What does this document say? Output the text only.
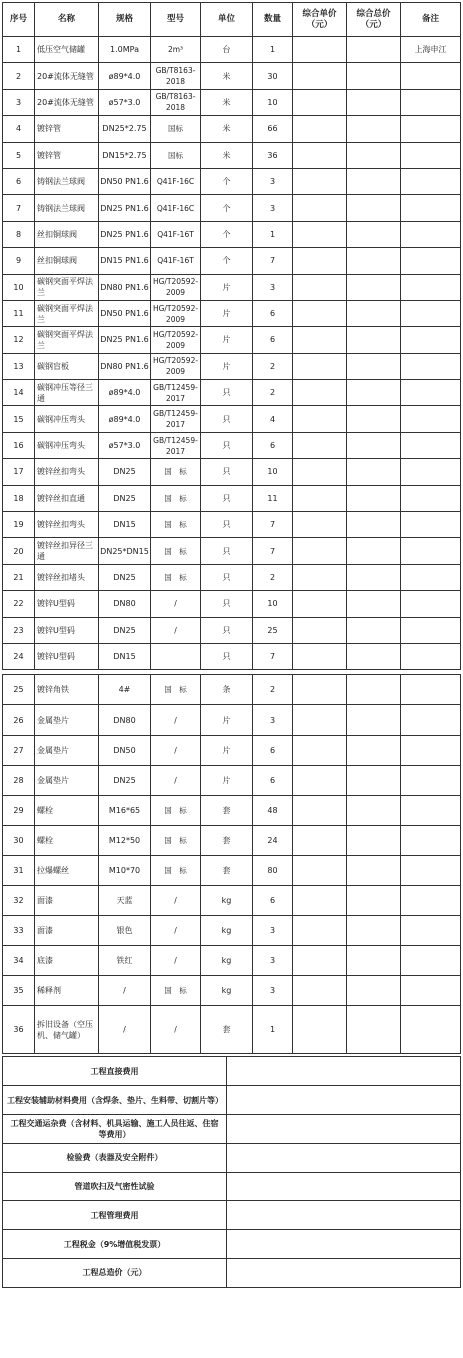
序号	名称	规格	型号	单位	数量	综合单价（元）	综合总价（元）	备注
1	低压空气储罐	1.0MPa	2m³	台	1			上海申江
2	20#流体无缝管	ø89*4.0	GB/T8163-2018	米	30			
3	20#流体无缝管	ø57*3.0	GB/T8163-2018	米	10			
4	镀锌管	DN25*2.75	国标	米	66			
5	镀锌管	DN15*2.75	国标	米	36			
6	铸钢法兰球阀	DN50 PN1.6	Q41F-16C	个	3			
7	铸钢法兰球阀	DN25 PN1.6	Q41F-16C	个	3			
8	丝扣铜球阀	DN25 PN1.6	Q41F-16T	个	1			
9	丝扣铜球阀	DN15 PN1.6	Q41F-16T	个	7			
10	碳钢突面平焊法兰	DN80 PN1.6	HG/T20592-2009	片	3			
11	碳钢突面平焊法兰	DN50 PN1.6	HG/T20592-2009	片	6			
12	碳钢突面平焊法兰	DN25 PN1.6	HG/T20592-2009	片	6			
13	碳钢盲板	DN80 PN1.6	HG/T20592-2009	片	2			
14	碳钢冲压等径三通	ø89*4.0	GB/T12459-2017	只	2			
15	碳钢冲压弯头	ø89*4.0	GB/T12459-2017	只	4			
16	碳钢冲压弯头	ø57*3.0	GB/T12459-2017	只	6			
17	镀锌丝扣弯头	DN25	国　标	只	10			
18	镀锌丝扣直通	DN25	国　标	只	11			
19	镀锌丝扣弯头	DN15	国　标	只	7			
20	镀锌丝扣异径三通	DN25*DN15	国　标	只	7			
21	镀锌丝扣堵头	DN25	国　标	只	2			
22	镀锌U型码	DN80	/	只	10			
23	镀锌U型码	DN25	/	只	25			
24	镀锌U型码	DN15		只	7			
25	镀锌角铁	4#	国　标	条	2			
26	金属垫片	DN80	/	片	3			
27	金属垫片	DN50	/	片	6			
28	金属垫片	DN25	/	片	6			
29	螺栓	M16*65	国　标	套	48			
30	螺栓	M12*50	国　标	套	24			
31	拉爆螺丝	M10*70	国　标	套	80			
32	面漆	天蓝	/	kg	6			
33	面漆	银色	/	kg	3			
34	底漆	铁红	/	kg	3			
35	稀释剂	/	国　标	kg	3			
36	拆旧设备（空压机、储气罐）	/	/	套	1			
工程直接费用	
工程安装辅助材料费用（含焊条、垫片、生料带、切割片等）	
工程交通运杂费（含材料、机具运输、施工人员往返、住宿等费用）	
检验费（表器及安全附件）	
管道吹扫及气密性试验	
工程管理费用	
工程税金（9%增值税发票）	
工程总造价（元）	
